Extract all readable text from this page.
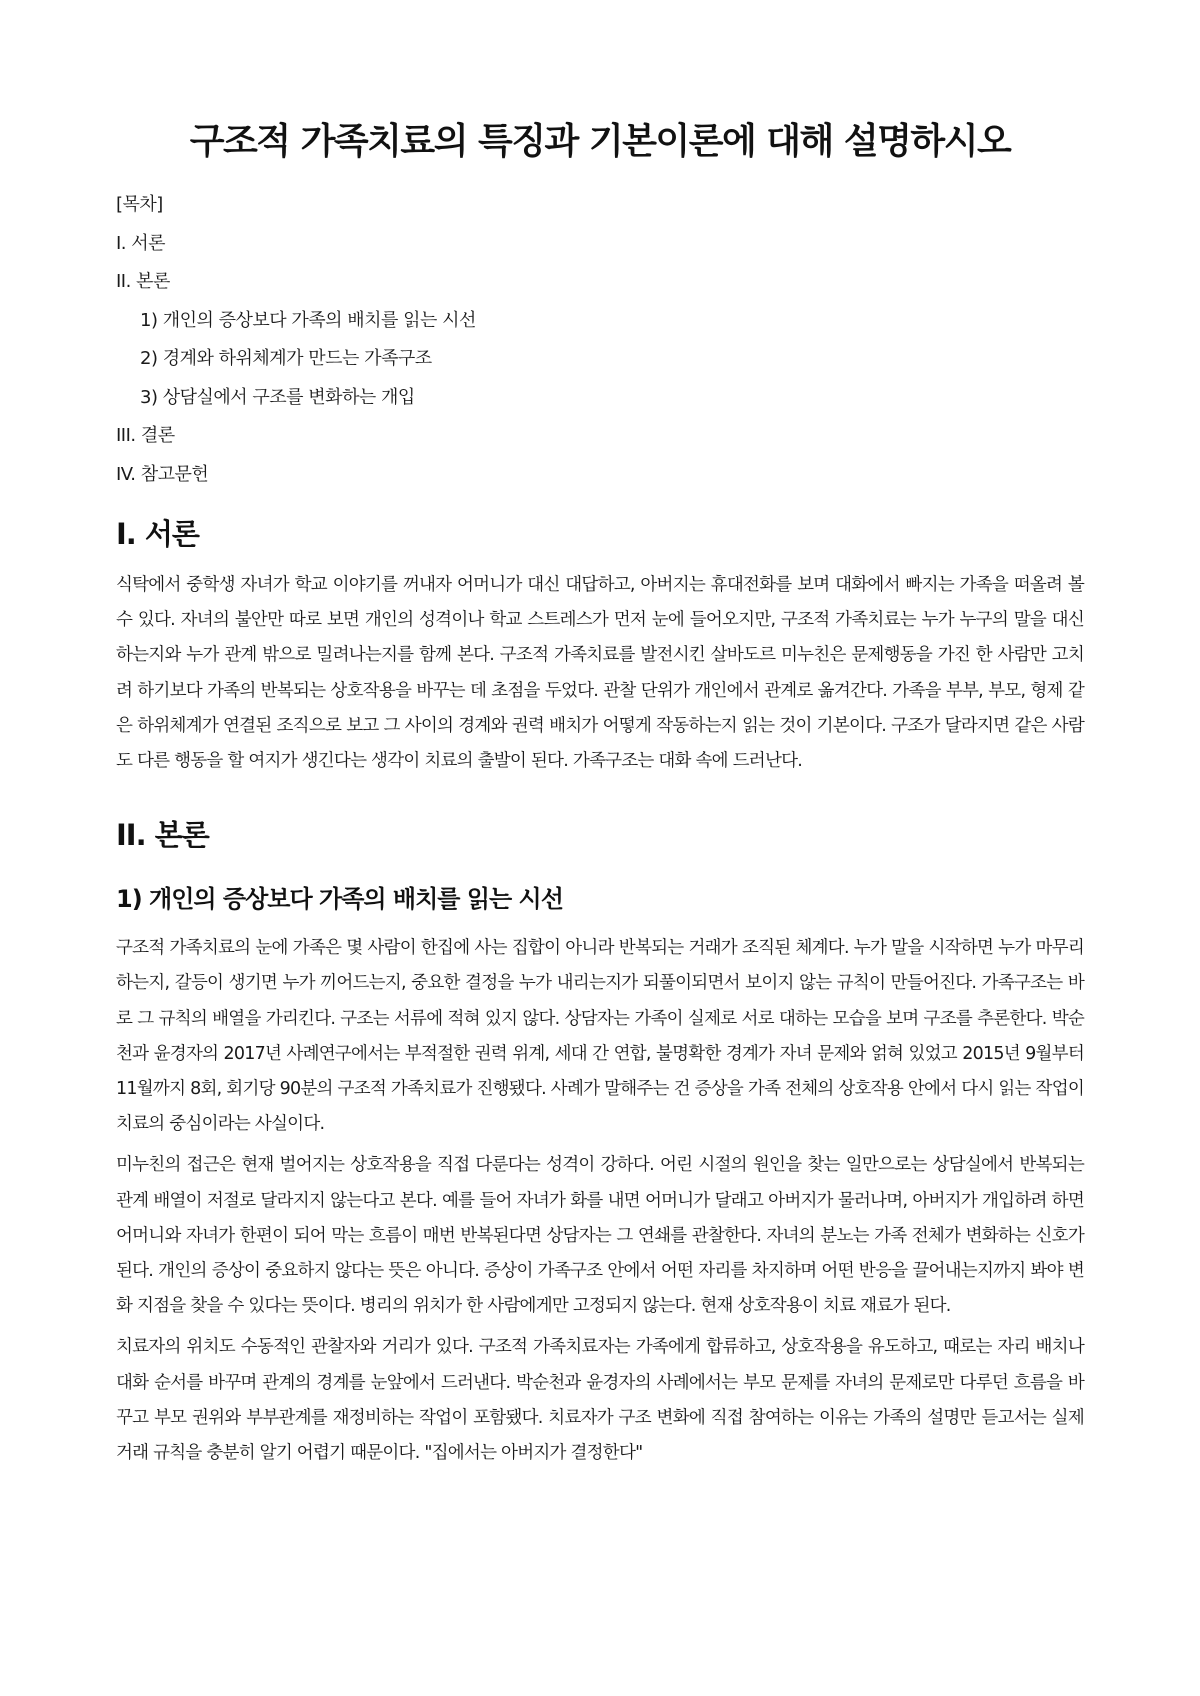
구조적 가족치료의 특징과 기본이론에 대해 설명하시오
[목차]
I. 서론
II. 본론
1) 개인의 증상보다 가족의 배치를 읽는 시선
2) 경계와 하위체계가 만드는 가족구조
3) 상담실에서 구조를 변화하는 개입
III. 결론
IV. 참고문헌
I. 서론

식탁에서 중학생 자녀가 학교 이야기를 꺼내자 어머니가 대신 대답하고, 아버지는 휴대전화를 보며 대화에서 빠지는 가족을 떠올려 볼 수 있다. 자녀의 불안만 따로 보면 개인의 성격이나 학교 스트레스가 먼저 눈에 들어오지만, 구조적 가족치료는 누가 누구의 말을 대신하는지와 누가 관계 밖으로 밀려나는지를 함께 본다. 구조적 가족치료를 발전시킨 살바도르 미누친은 문제행동을 가진 한 사람만 고치려 하기보다 가족의 반복되는 상호작용을 바꾸는 데 초점을 두었다. 관찰 단위가 개인에서 관계로 옮겨간다. 가족을 부부, 부모, 형제 같은 하위체계가 연결된 조직으로 보고 그 사이의 경계와 권력 배치가 어떻게 작동하는지 읽는 것이 기본이다. 구조가 달라지면 같은 사람도 다른 행동을 할 여지가 생긴다는 생각이 치료의 출발이 된다. 가족구조는 대화 속에 드러난다.

II. 본론
1) 개인의 증상보다 가족의 배치를 읽는 시선

구조적 가족치료의 눈에 가족은 몇 사람이 한집에 사는 집합이 아니라 반복되는 거래가 조직된 체계다. 누가 말을 시작하면 누가 마무리하는지, 갈등이 생기면 누가 끼어드는지, 중요한 결정을 누가 내리는지가 되풀이되면서 보이지 않는 규칙이 만들어진다. 가족구조는 바로 그 규칙의 배열을 가리킨다. 구조는 서류에 적혀 있지 않다. 상담자는 가족이 실제로 서로 대하는 모습을 보며 구조를 추론한다. 박순천과 윤경자의 2017년 사례연구에서는 부적절한 권력 위계, 세대 간 연합, 불명확한 경계가 자녀 문제와 얽혀 있었고 2015년 9월부터 11월까지 8회, 회기당 90분의 구조적 가족치료가 진행됐다. 사례가 말해주는 건 증상을 가족 전체의 상호작용 안에서 다시 읽는 작업이 치료의 중심이라는 사실이다.

미누친의 접근은 현재 벌어지는 상호작용을 직접 다룬다는 성격이 강하다. 어린 시절의 원인을 찾는 일만으로는 상담실에서 반복되는 관계 배열이 저절로 달라지지 않는다고 본다. 예를 들어 자녀가 화를 내면 어머니가 달래고 아버지가 물러나며, 아버지가 개입하려 하면 어머니와 자녀가 한편이 되어 막는 흐름이 매번 반복된다면 상담자는 그 연쇄를 관찰한다. 자녀의 분노는 가족 전체가 변화하는 신호가 된다. 개인의 증상이 중요하지 않다는 뜻은 아니다. 증상이 가족구조 안에서 어떤 자리를 차지하며 어떤 반응을 끌어내는지까지 봐야 변화 지점을 찾을 수 있다는 뜻이다. 병리의 위치가 한 사람에게만 고정되지 않는다. 현재 상호작용이 치료 재료가 된다.

치료자의 위치도 수동적인 관찰자와 거리가 있다. 구조적 가족치료자는 가족에게 합류하고, 상호작용을 유도하고, 때로는 자리 배치나 대화 순서를 바꾸며 관계의 경계를 눈앞에서 드러낸다. 박순천과 윤경자의 사례에서는 부모 문제를 자녀의 문제로만 다루던 흐름을 바꾸고 부모 권위와 부부관계를 재정비하는 작업이 포함됐다. 치료자가 구조 변화에 직접 참여하는 이유는 가족의 설명만 듣고서는 실제 거래 규칙을 충분히 알기 어렵기 때문이다. "집에서는 아버지가 결정한다"
